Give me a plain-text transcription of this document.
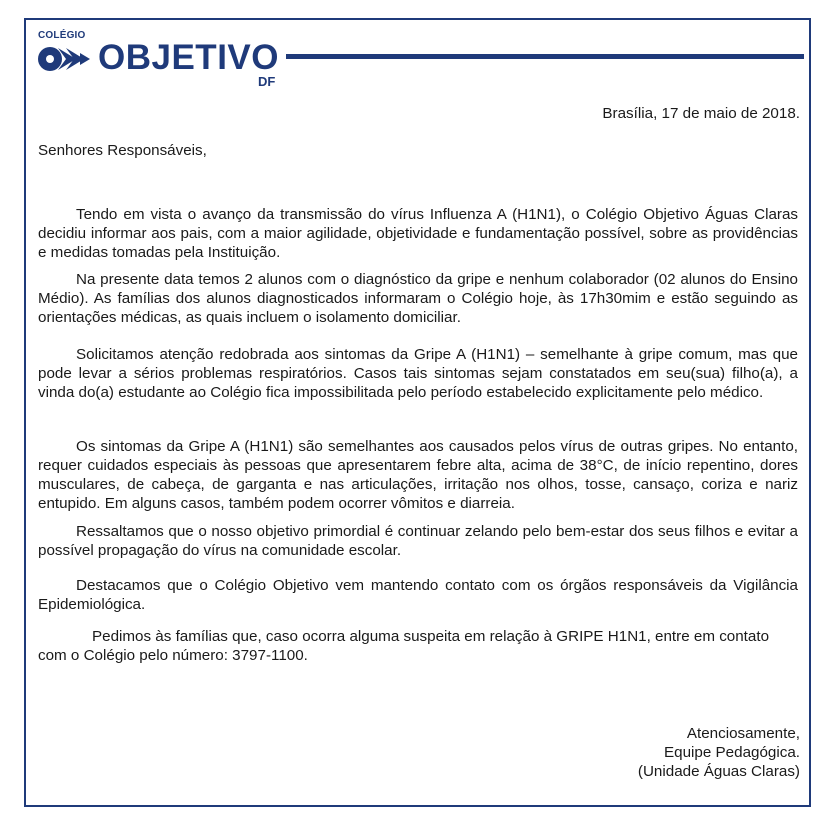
COLÉGIO
OBJETIVO
DF

Brasília, 17 de maio de 2018.

Senhores Responsáveis,

Tendo em vista o avanço da transmissão do vírus Influenza A (H1N1), o Colégio Objetivo Águas Claras decidiu informar aos pais, com a maior agilidade, objetividade e fundamentação possível, sobre as providências e medidas tomadas pela Instituição.

Na presente data temos 2 alunos com o diagnóstico da gripe e nenhum colaborador (02 alunos do Ensino Médio). As famílias dos alunos diagnosticados informaram o Colégio hoje, às 17h30mim e estão seguindo as orientações médicas, as quais incluem o isolamento domiciliar.

Solicitamos atenção redobrada aos sintomas da Gripe A (H1N1) – semelhante à gripe comum, mas que pode levar a sérios problemas respiratórios. Casos tais sintomas sejam constatados em seu(sua) filho(a), a vinda do(a) estudante ao Colégio fica impossibilitada pelo período estabelecido explicitamente pelo médico.

Os sintomas da Gripe A (H1N1) são semelhantes aos causados pelos vírus de outras gripes. No entanto, requer cuidados especiais às pessoas que apresentarem febre alta, acima de 38°C, de início repentino, dores musculares, de cabeça, de garganta e nas articulações, irritação nos olhos, tosse, cansaço, coriza e nariz entupido. Em alguns casos, também podem ocorrer vômitos e diarreia.

Ressaltamos que o nosso objetivo primordial é continuar zelando pelo bem-estar dos seus filhos e evitar a possível propagação do vírus na comunidade escolar.

Destacamos que o Colégio Objetivo vem mantendo contato com os órgãos responsáveis da Vigilância Epidemiológica.

Pedimos às famílias que, caso ocorra alguma suspeita em relação à GRIPE H1N1, entre em contato com o Colégio pelo número: 3797-1100.

Atenciosamente,
Equipe Pedagógica.
(Unidade Águas Claras)
